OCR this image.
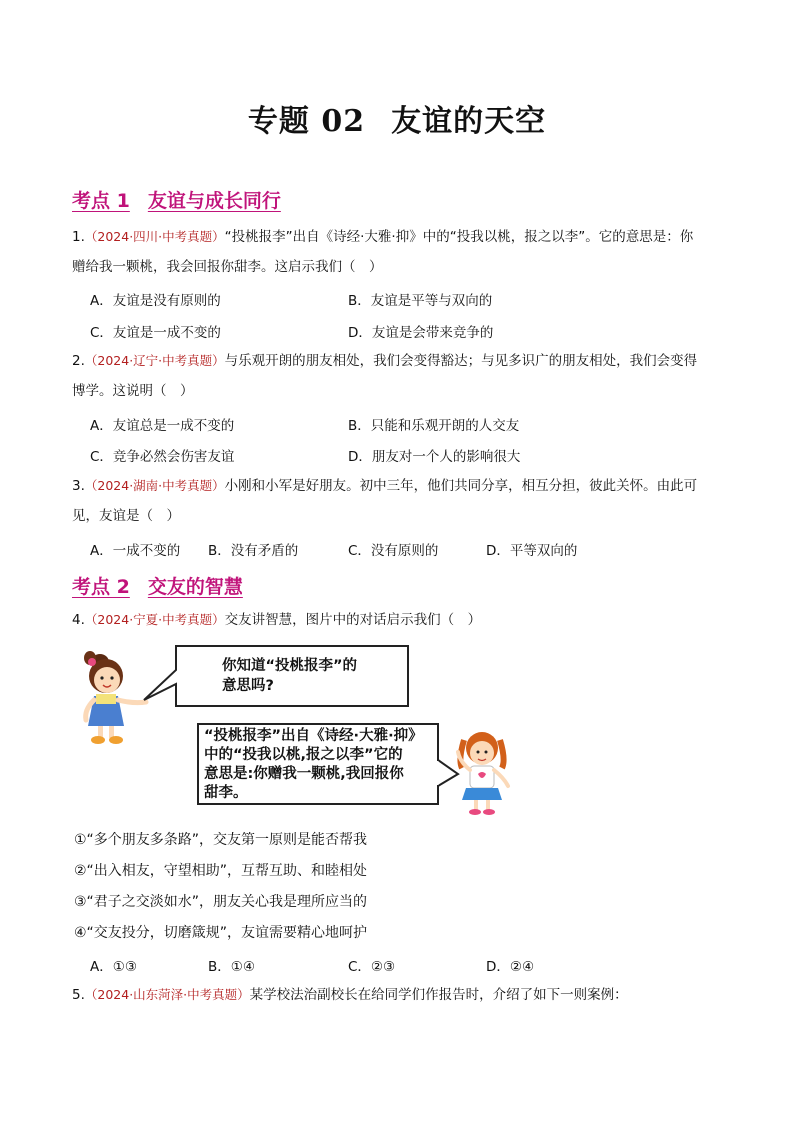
专题 02 友谊的天空
考点 1 友谊与成长同行
1.（2024·四川·中考真题）“投桃报李”出自《诗经·大雅·抑》中的“投我以桃，报之以李”。它的意思是：你
赠给我一颗桃，我会回报你甜李。这启示我们（　）
A．友谊是没有原则的	B．友谊是平等与双向的
C．友谊是一成不变的	D．友谊是会带来竞争的
2.（2024·辽宁·中考真题）与乐观开朗的朋友相处，我们会变得豁达；与见多识广的朋友相处，我们会变得
博学。这说明（　）
A．友谊总是一成不变的	B．只能和乐观开朗的人交友
C．竞争必然会伤害友谊	D．朋友对一个人的影响很大
3.（2024·湖南·中考真题）小刚和小军是好朋友。初中三年，他们共同分享，相互分担，彼此关怀。由此可
见，友谊是（　）
A．一成不变的 B．没有矛盾的	C．没有原则的	D．平等双向的
考点 2 交友的智慧
4.（2024·宁夏·中考真题）交友讲智慧，图片中的对话启示我们（　）
你知道“投桃报李”的
意思吗?
“投桃报李”出自《诗经·大雅·抑》
中的“投我以桃,报之以李”它的
意思是:你赠我一颗桃,我回报你
甜李。
①“多个朋友多条路”，交友第一原则是能否帮我
②“出入相友，守望相助”，互帮互助、和睦相处
③“君子之交淡如水”，朋友关心我是理所应当的
④“交友投分，切磨箴规”，友谊需要精心地呵护
A．①③	B．①④	C．②③	D．②④
5.（2024·山东菏泽·中考真题）某学校法治副校长在给同学们作报告时，介绍了如下一则案例：
